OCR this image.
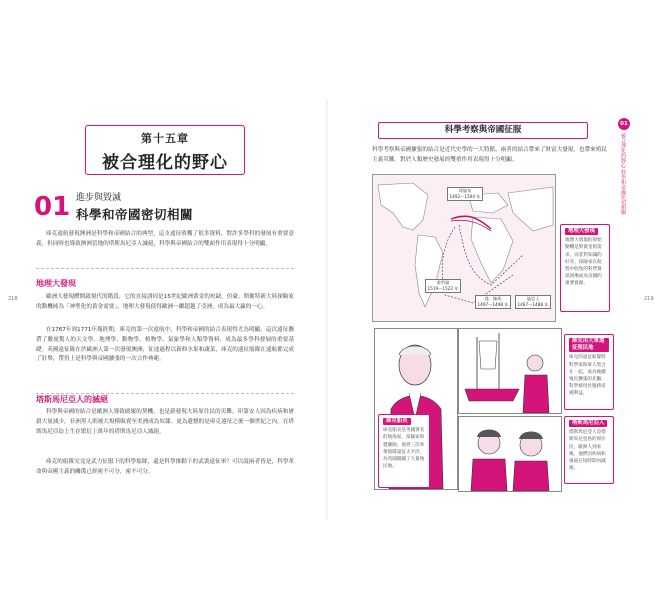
218
第十五章
被合理化的野心
01 進步與毀滅
科學和帝國密切相關
庫克遠航發現澳洲是科學和帝國結合的典型，這支遠征收穫了很多資料，對許多學科的發展有重要意義，但同時也導致澳洲當地的塔斯馬尼亞人滅絕，科學與帝國結合的雙面作用表現得十分明顯。
地理大發現
歐洲大發現體開啟現代的階段，它的直接誘因是15世紀歐洲黃金的短缺，但臺、斯衛特新大陸探險家的動機純為「神聖化的黃金需要」，地理大發現使得歐洲一躍超越了亞洲，成為最大贏的一心。
在1767年到1771年幾經期，庫克的第一次遠航中，科學和帝國的結合表現得尤為明顯。這次遠征攜帶了數量驚人的天文學、地理學、動物學、植物學、氣象學和人類學資料，成為最多學科發展的重要基礎。英國遠征隊在於歐洲人第一次發現澳洲，征途過程以新修水果和蔬菜，庫克的遠征船隊在遠航都完成了壯舉，帶得上是科學與帝國擴張的一次合作典範。
塔斯馬尼亞人的滅絕
科學與帝國的結合是歐洲人導致破壞的契機，也是新發現大陸原住民的災難。印第安人因為疾病和屠殺大量減少，非洲黑人則被大規模販賣至美洲成為奴隸。更為遺憾的是庫克遠征之後一個世紀之內，在塔斯馬尼亞島上生存繁衍上萬年的塔斯馬尼亞人滅絕。
庫克的船隊究竟是武力征服下的科學船隊，還是科學推動下的武裝遠征軍？可以說兩者皆是，科學革命與帝國主義的關係已經密不可分，密不可分。
219
科學考察與帝國征服
科學考察與帝國擴張的結合是近代史學的一大特點，兩者的結合帶來了財富大發現，也帶來殖民主義災難。對於人類歷史發展的雙重作用表現得十分明顯。
01
被合理化的野心 科學和帝國密切相關
哥倫布
1492～1504 年
麥哲倫
1519～1522 年
達．伽馬
1497～1498 年
迪亞士
1487～1488 年
地理大發現
地理大發現的原始動機是對黃金的需求，而非對知識的好奇，探險家在航程中收集的科學資訊逐漸成為帝國的重要資源。
庫克船長
庫克船長是英國著名的航海家，探險家和製圖師，他曾三次率領船隊遠征太平洋，為英國開闢了大量殖民地。
庫克用大軍遠征殖民地
庫克的遠征船隊將科學家和軍人集合在一起，成為後續殖民擴張的先驅，科學被用於服務帝國利益。
塔斯馬尼亞人
塔斯馬尼亞人是塔斯馬尼亞島的原住民，歐洲人到來後，他們因疾病和屠殺在短時間內滅絕。
